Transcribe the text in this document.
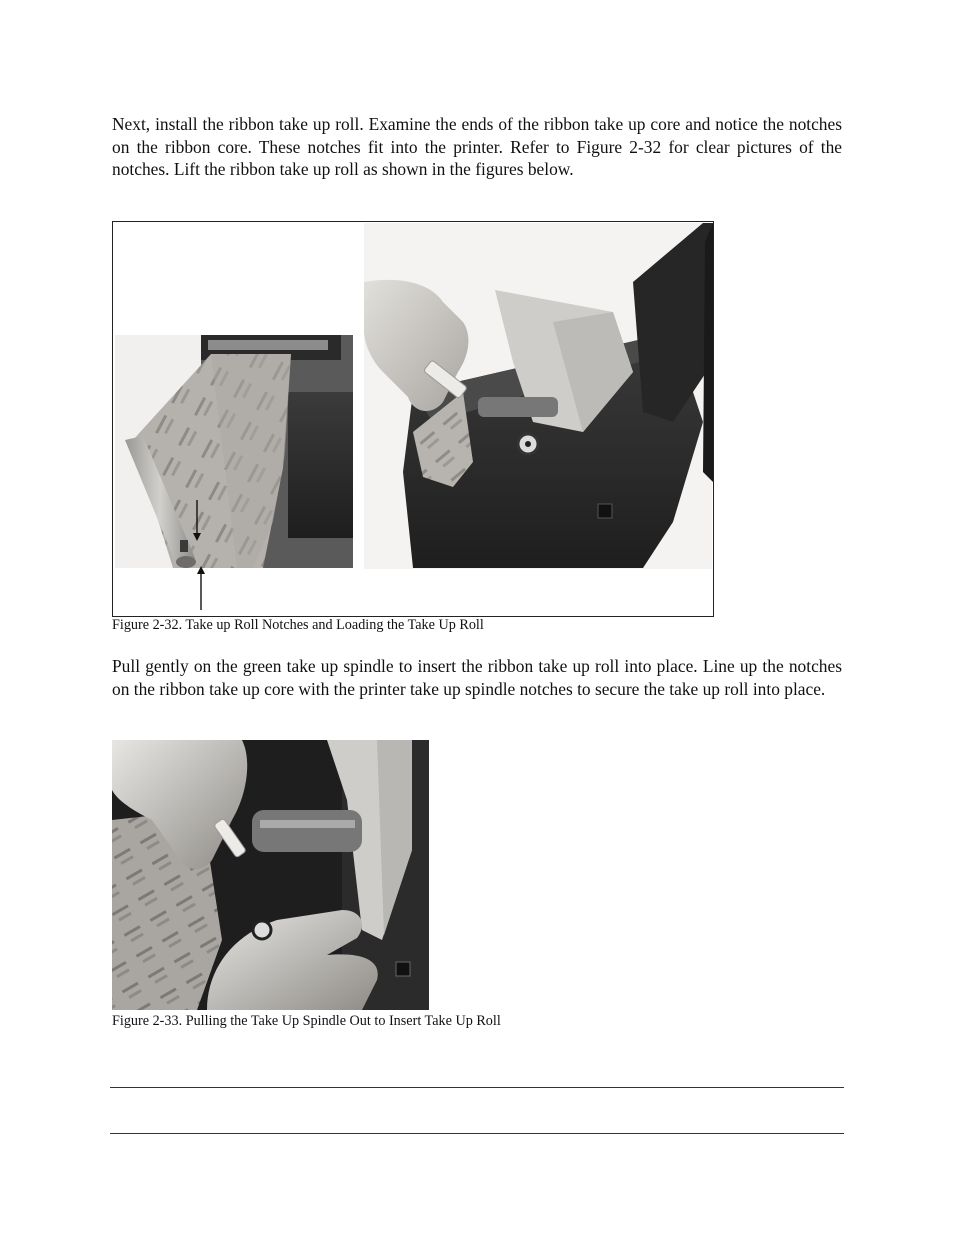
Next, install the ribbon take up roll. Examine the ends of the ribbon take up core and notice the notches on the ribbon core. These notches fit into the printer. Refer to Figure 2-32 for clear pictures of the notches. Lift the ribbon take up roll as shown in the figures below.

Figure 2-32. Take up Roll Notches and Loading the Take Up Roll

Pull gently on the green take up spindle to insert the ribbon take up roll into place. Line up the notches on the ribbon take up core with the printer take up spindle notches to secure the take up roll into place.

Figure 2-33. Pulling the Take Up Spindle Out to Insert Take Up Roll
